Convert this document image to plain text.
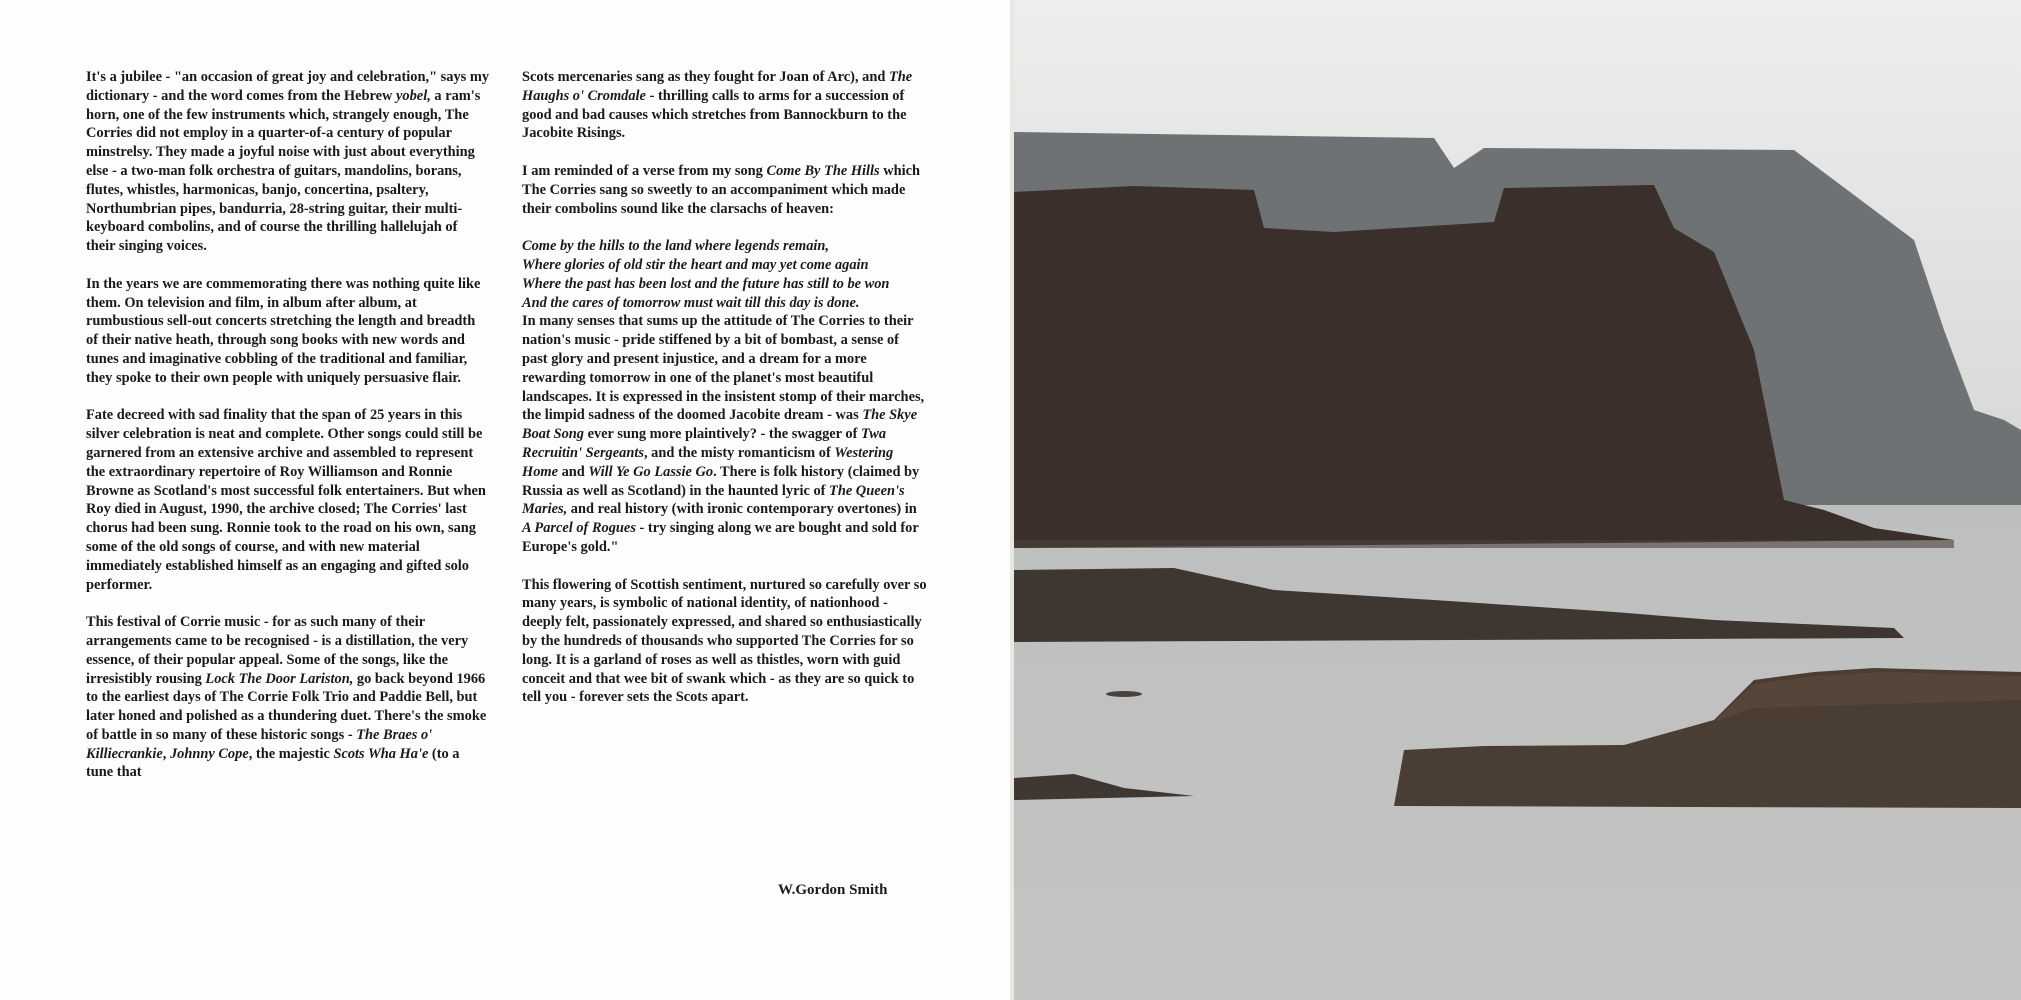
It's a jubilee - "an occasion of great joy and celebration," says my dictionary - and the word comes from the Hebrew yobel, a ram's horn, one of the few instruments which, strangely enough, The Corries did not employ in a quarter-of-a century of popular minstrelsy. They made a joyful noise with just about everything else - a two-man folk orchestra of guitars, mandolins, borans, flutes, whistles, harmonicas, banjo, concertina, psaltery, Northumbrian pipes, bandurria, 28-string guitar, their multi-keyboard combolins, and of course the thrilling hallelujah of their singing voices.

In the years we are commemorating there was nothing quite like them. On television and film, in album after album, at rumbustious sell-out concerts stretching the length and breadth of their native heath, through song books with new words and tunes and imaginative cobbling of the traditional and familiar, they spoke to their own people with uniquely persuasive flair.

Fate decreed with sad finality that the span of 25 years in this silver celebration is neat and complete. Other songs could still be garnered from an extensive archive and assembled to represent the extraordinary repertoire of Roy Williamson and Ronnie Browne as Scotland's most successful folk entertainers. But when Roy died in August, 1990, the archive closed; The Corries' last chorus had been sung. Ronnie took to the road on his own, sang some of the old songs of course, and with new material immediately established himself as an engaging and gifted solo performer.

This festival of Corrie music - for as such many of their arrangements came to be recognised - is a distillation, the very essence, of their popular appeal. Some of the songs, like the irresistibly rousing Lock The Door Lariston, go back beyond 1966 to the earliest days of The Corrie Folk Trio and Paddie Bell, but later honed and polished as a thundering duet. There's the smoke of battle in so many of these historic songs - The Braes o' Killiecrankie, Johnny Cope, the majestic Scots Wha Ha'e (to a tune that

Scots mercenaries sang as they fought for Joan of Arc), and The Haughs o' Cromdale - thrilling calls to arms for a succession of good and bad causes which stretches from Bannockburn to the Jacobite Risings.

I am reminded of a verse from my song Come By The Hills which The Corries sang so sweetly to an accompaniment which made their combolins sound like the clarsachs of heaven:

Come by the hills to the land where legends remain,
Where glories of old stir the heart and may yet come again
Where the past has been lost and the future has still to be won
And the cares of tomorrow must wait till this day is done.

In many senses that sums up the attitude of The Corries to their nation's music - pride stiffened by a bit of bombast, a sense of past glory and present injustice, and a dream for a more rewarding tomorrow in one of the planet's most beautiful landscapes. It is expressed in the insistent stomp of their marches, the limpid sadness of the doomed Jacobite dream - was The Skye Boat Song ever sung more plaintively? - the swagger of Twa Recruitin' Sergeants, and the misty romanticism of Westering Home and Will Ye Go Lassie Go. There is folk history (claimed by Russia as well as Scotland) in the haunted lyric of The Queen's Maries, and real history (with ironic contemporary overtones) in A Parcel of Rogues - try singing along we are bought and sold for Europe's gold."

This flowering of Scottish sentiment, nurtured so carefully over so many years, is symbolic of national identity, of nationhood - deeply felt, passionately expressed, and shared so enthusiastically by the hundreds of thousands who supported The Corries for so long. It is a garland of roses as well as thistles, worn with guid conceit and that wee bit of swank which - as they are so quick to tell you - forever sets the Scots apart.

W.Gordon Smith
